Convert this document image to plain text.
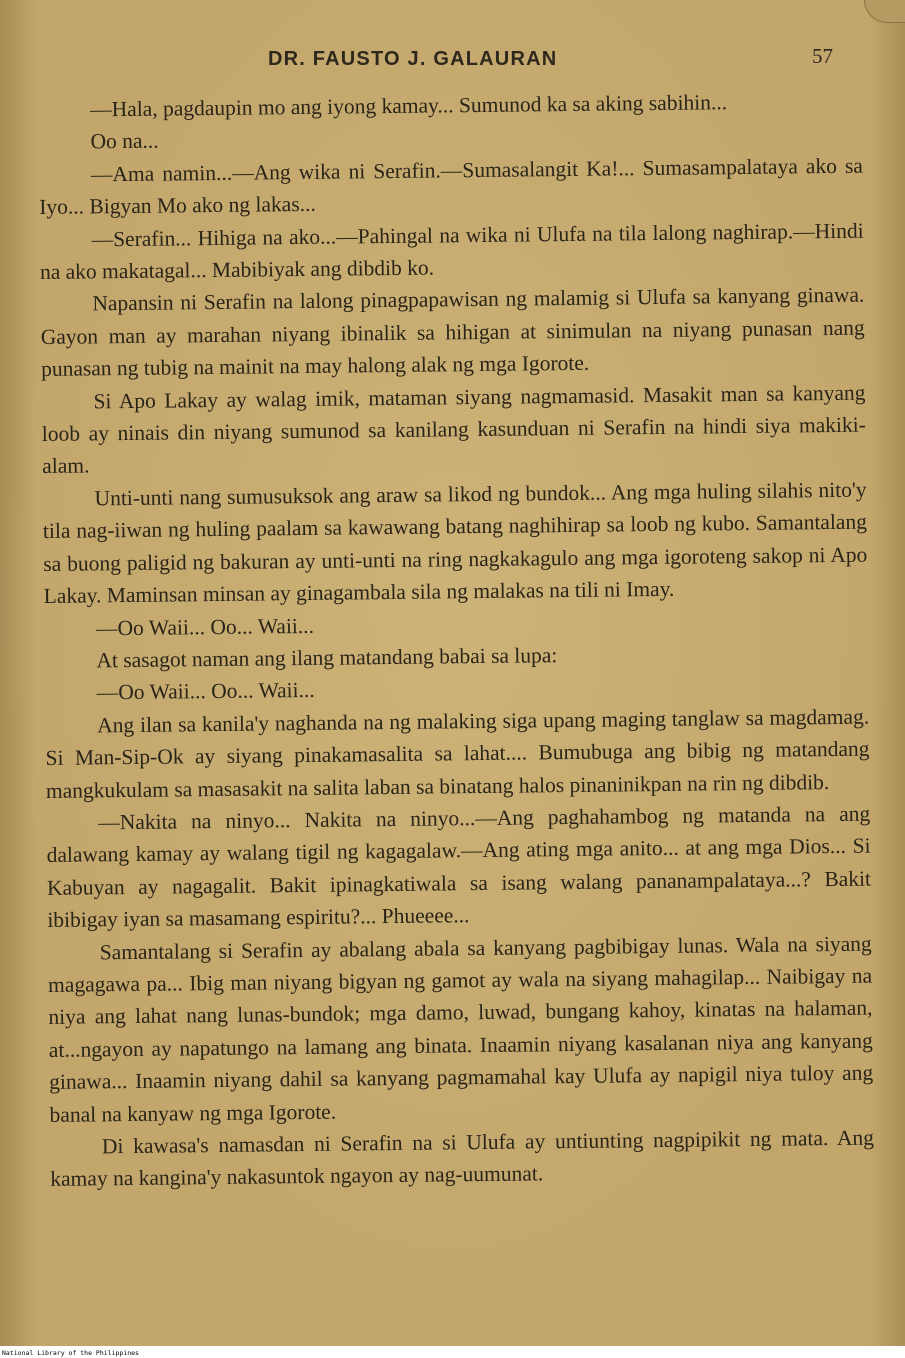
DR. FAUSTO J. GALAURAN	57

—Hala, pagdaupin mo ang iyong kamay... Sumunod ka sa aking sabihin...

Oo na...

—Ama namin...—Ang wika ni Serafin.—Sumasalangit Ka!... Sumasampalataya ako sa Iyo... Bigyan Mo ako ng lakas...

—Serafin... Hihiga na ako...—Pahingal na wika ni Ulufa na tila lalong naghirap.—Hindi na ako makatagal... Mabibiyak ang dibdib ko.

Napansin ni Serafin na lalong pinagpapawisan ng malamig si Ulufa sa kanyang ginawa. Gayon man ay marahan niyang ibinalik sa hihigan at sinimulan na niyang punasan nang punasan ng tubig na mainit na may halong alak ng mga Igorote.

Si Apo Lakay ay walag imik, mataman siyang nagmamasid. Masakit man sa kanyang loob ay ninais din niyang sumunod sa kanilang kasunduan ni Serafin na hindi siya makiki-alam.

Unti-unti nang sumusuksok ang araw sa likod ng bundok... Ang mga huling silahis nito'y tila nag-iiwan ng huling paalam sa kawawang batang naghihirap sa loob ng kubo. Samantalang sa buong paligid ng bakuran ay unti-unti na ring nagkakagulo ang mga igoroteng sakop ni Apo Lakay. Maminsan minsan ay ginagambala sila ng malakas na tili ni Imay.

—Oo Waii... Oo... Waii...

At sasagot naman ang ilang matandang babai sa lupa:

—Oo Waii... Oo... Waii...

Ang ilan sa kanila'y naghanda na ng malaking siga upang maging tanglaw sa magdamag. Si Man-Sip-Ok ay siyang pinakamasalita sa lahat.... Bumubuga ang bibig ng matandang mangkukulam sa masasakit na salita laban sa binatang halos pinaninikpan na rin ng dibdib.

—Nakita na ninyo... Nakita na ninyo...—Ang paghahambog ng matanda na ang dalawang kamay ay walang tigil ng kagagalaw.—Ang ating mga anito... at ang mga Dios... Si Kabuyan ay nagagalit. Bakit ipinagkatiwala sa isang walang pananampalataya...? Bakit ibibigay iyan sa masamang espiritu?... Phueeee...

Samantalang si Serafin ay abalang abala sa kanyang pagbibigay lunas. Wala na siyang magagawa pa... Ibig man niyang bigyan ng gamot ay wala na siyang mahagilap... Naibigay na niya ang lahat nang lunas-bundok; mga damo, luwad, bungang kahoy, kinatas na halaman, at...ngayon ay napatungo na lamang ang binata. Inaamin niyang kasalanan niya ang kanyang ginawa... Inaamin niyang dahil sa kanyang pagmamahal kay Ulufa ay napigil niya tuloy ang banal na kanyaw ng mga Igorote.

Di kawasa's namasdan ni Serafin na si Ulufa ay untiunting nagpipikit ng mata. Ang kamay na kangina'y nakasuntok ngayon ay nag-uumunat.

National Library of the Philippines
